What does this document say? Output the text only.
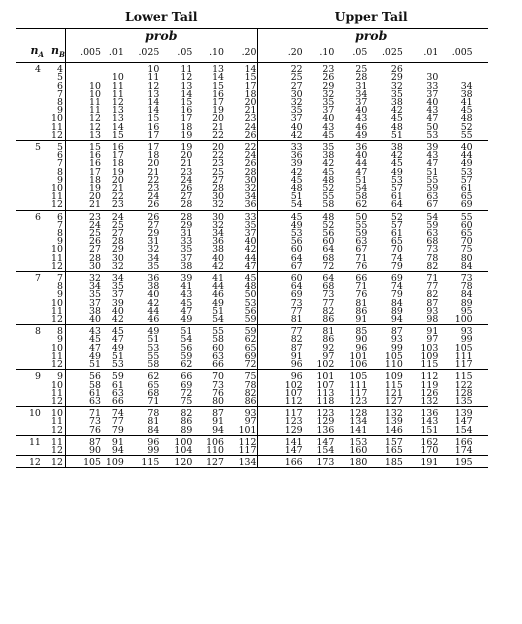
		Lower Tail							Upper Tail						
		prob							prob						
$n_A$	$n_B$	.005	.01	.025	.05	.10	.20		.20	.10	.05	.025	.01	.005	

4	4			10	11	13	14		22	23	25	26			
	5		10	11	12	14	15		25	26	28	29	30		
	6	10	11	12	13	15	17		27	29	31	32	33	34	
	7	10	11	13	14	16	18		30	32	34	35	37	38	
	8	11	12	14	15	17	20		32	35	37	38	40	41	
	9	11	13	14	16	19	21		35	37	40	42	43	45	
	10	12	13	15	17	20	23		37	40	43	45	47	48	
	11	12	14	16	18	21	24		40	43	46	48	50	52	
	12	13	15	17	19	22	26		42	45	49	51	53	55	

5	5	15	16	17	19	20	22		33	35	36	38	39	40	
	6	16	17	18	20	22	24		36	38	40	42	43	44	
	7	16	18	20	21	23	26		39	42	44	45	47	49	
	8	17	19	21	23	25	28		42	45	47	49	51	53	
	9	18	20	22	24	27	30		45	48	51	53	55	57	
	10	19	21	23	26	28	32		48	52	54	57	59	61	
	11	20	22	24	27	30	34		51	55	58	61	63	65	
	12	21	23	26	28	32	36		54	58	62	64	67	69	

6	6	23	24	26	28	30	33		45	48	50	52	54	55	
	7	24	25	27	29	32	35		49	52	55	57	59	60	
	8	25	27	29	31	34	37		53	56	59	61	63	65	
	9	26	28	31	33	36	40		56	60	63	65	68	70	
	10	27	29	32	35	38	42		60	64	67	70	73	75	
	11	28	30	34	37	40	44		64	68	71	74	78	80	
	12	30	32	35	38	42	47		67	72	76	79	82	84	

7	7	32	34	36	39	41	45		60	64	66	69	71	73	
	8	34	35	38	41	44	48		64	68	71	74	77	78	
	9	35	37	40	43	46	50		69	73	76	79	82	84	
	10	37	39	42	45	49	53		73	77	81	84	87	89	
	11	38	40	44	47	51	56		77	82	86	89	93	95	
	12	40	42	46	49	54	59		81	86	91	94	98	100	

8	8	43	45	49	51	55	59		77	81	85	87	91	93	
	9	45	47	51	54	58	62		82	86	90	93	97	99	
	10	47	49	53	56	60	65		87	92	96	99	103	105	
	11	49	51	55	59	63	69		91	97	101	105	109	111	
	12	51	53	58	62	66	72		96	102	106	110	115	117	

9	9	56	59	62	66	70	75		96	101	105	109	112	115	
	10	58	61	65	69	73	78		102	107	111	115	119	122	
	11	61	63	68	72	76	82		107	113	117	121	126	128	
	12	63	66	71	75	80	86		112	118	123	127	132	135	

10	10	71	74	78	82	87	93		117	123	128	132	136	139	
	11	73	77	81	86	91	97		123	129	134	139	143	147	
	12	76	79	84	89	94	101		129	136	141	146	151	154	

11	11	87	91	96	100	106	112		141	147	153	157	162	166	
	12	90	94	99	104	110	117		147	154	160	165	170	174	

12	12	105	109	115	120	127	134		166	173	180	185	191	195	
